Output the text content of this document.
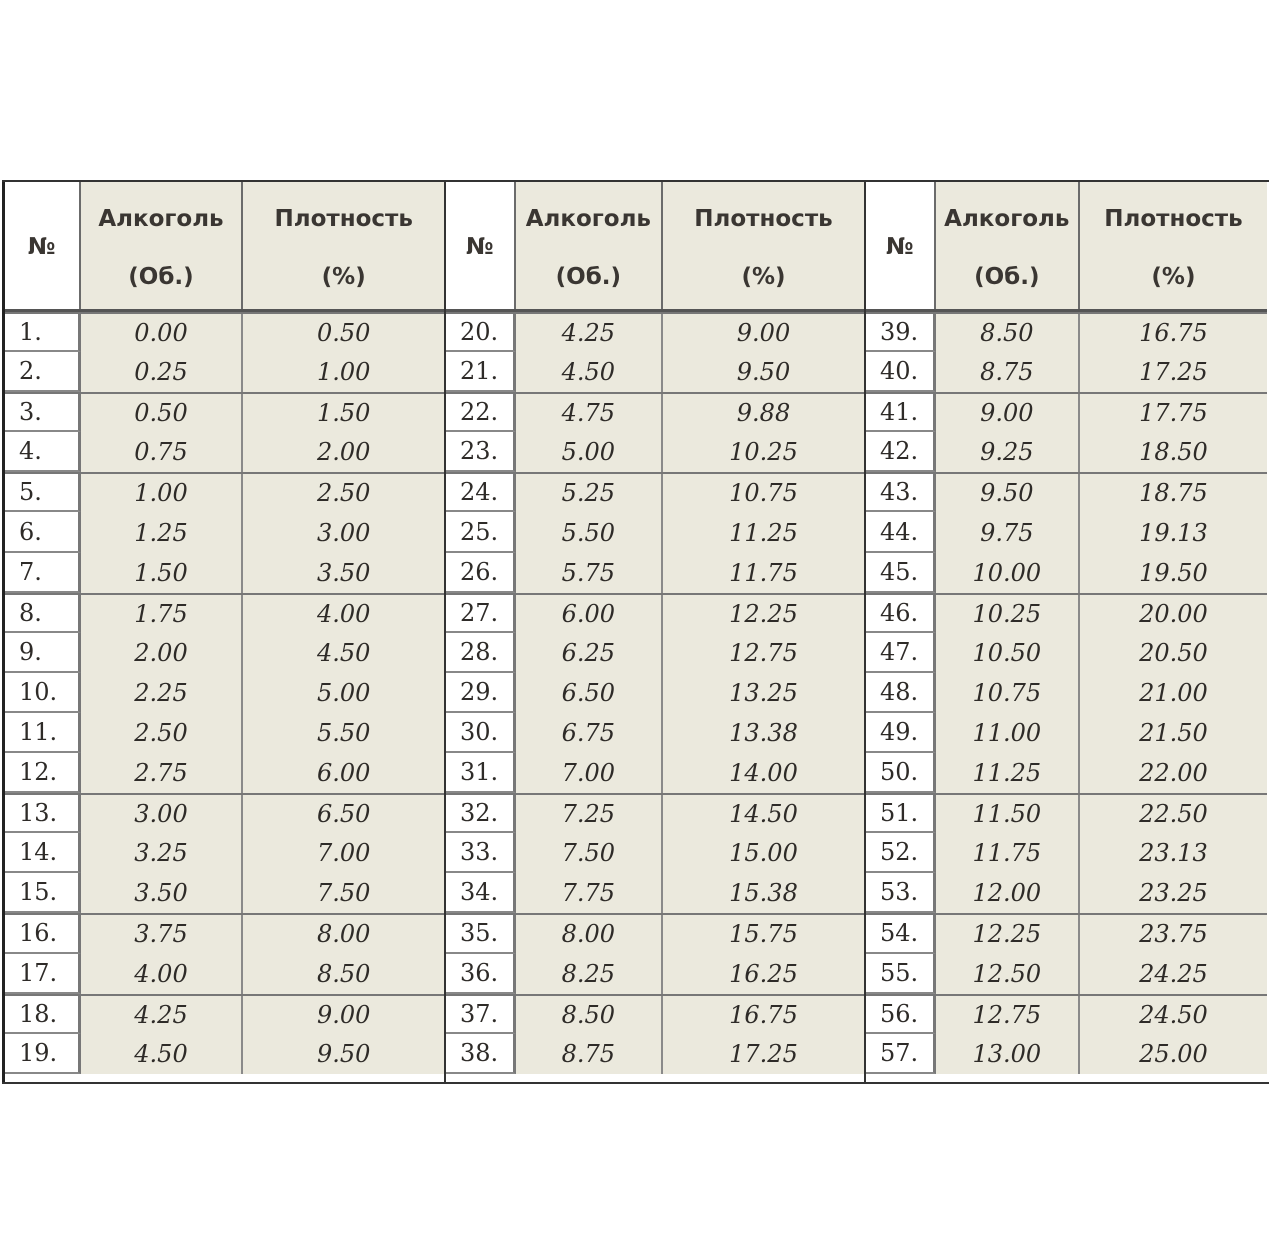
№
Алкоголь
(Об.)
Плотность
(%)
1.	0.00	0.50
2.	0.25	1.00
3.	0.50	1.50
4.	0.75	2.00
5.	1.00	2.50
6.	1.25	3.00
7.	1.50	3.50
8.	1.75	4.00
9.	2.00	4.50
10.	2.25	5.00
11.	2.50	5.50
12.	2.75	6.00
13.	3.00	6.50
14.	3.25	7.00
15.	3.50	7.50
16.	3.75	8.00
17.	4.00	8.50
18.	4.25	9.00
19.	4.50	9.50
№
Алкоголь
(Об.)
Плотность
(%)
20.	4.25	9.00
21.	4.50	9.50
22.	4.75	9.88
23.	5.00	10.25
24.	5.25	10.75
25.	5.50	11.25
26.	5.75	11.75
27.	6.00	12.25
28.	6.25	12.75
29.	6.50	13.25
30.	6.75	13.38
31.	7.00	14.00
32.	7.25	14.50
33.	7.50	15.00
34.	7.75	15.38
35.	8.00	15.75
36.	8.25	16.25
37.	8.50	16.75
38.	8.75	17.25
№
Алкоголь
(Об.)
Плотность
(%)
39.	8.50	16.75
40.	8.75	17.25
41.	9.00	17.75
42.	9.25	18.50
43.	9.50	18.75
44.	9.75	19.13
45.	10.00	19.50
46.	10.25	20.00
47.	10.50	20.50
48.	10.75	21.00
49.	11.00	21.50
50.	11.25	22.00
51.	11.50	22.50
52.	11.75	23.13
53.	12.00	23.25
54.	12.25	23.75
55.	12.50	24.25
56.	12.75	24.50
57.	13.00	25.00
